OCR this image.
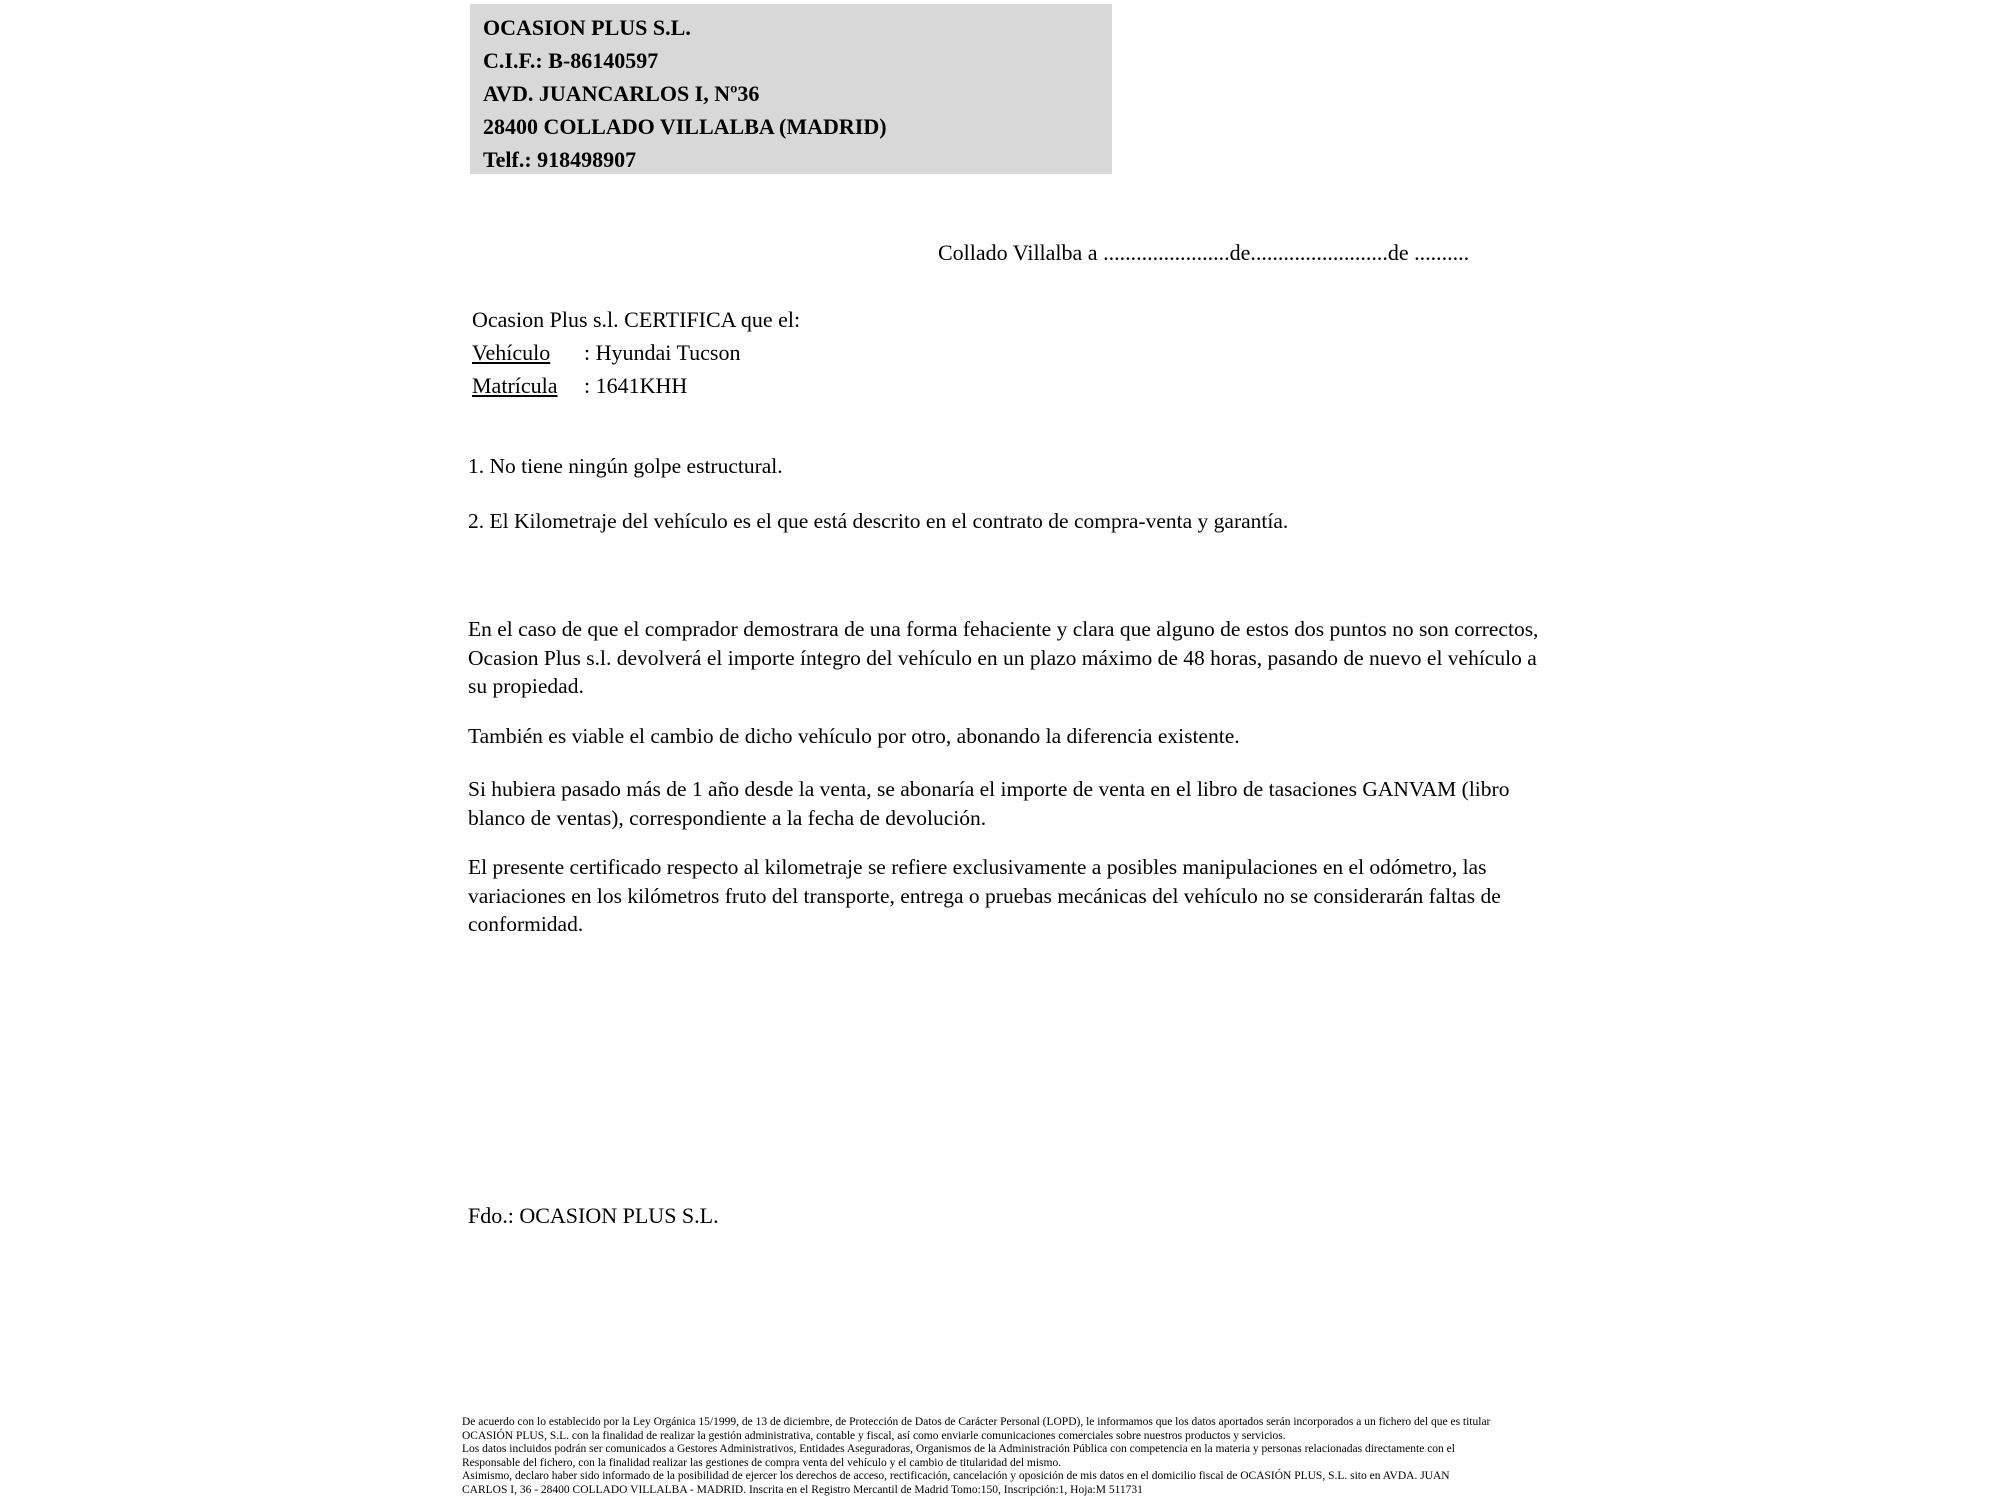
OCASION PLUS S.L.
C.I.F.: B-86140597
AVD. JUANCARLOS I, Nº36
28400 COLLADO VILLALBA (MADRID)
Telf.: 918498907
Collado Villalba a .......................de.........................de ..........
Ocasion Plus s.l. CERTIFICA que el:
Vehículo : Hyundai Tucson
Matrícula : 1641KHH
1. No tiene ningún golpe estructural.
2. El Kilometraje del vehículo es el que está descrito en el contrato de compra-venta y garantía.
En el caso de que el comprador demostrara de una forma fehaciente y clara que alguno de estos dos puntos no son correctos, Ocasion Plus s.l. devolverá el importe íntegro del vehículo en un plazo máximo de 48 horas, pasando de nuevo el vehículo a su propiedad.
También es viable el cambio de dicho vehículo por otro, abonando la diferencia existente.
Si hubiera pasado más de 1 año desde la venta, se abonaría el importe de venta en el libro de tasaciones GANVAM (libro blanco de ventas), correspondiente a la fecha de devolución.
El presente certificado respecto al kilometraje se refiere exclusivamente a posibles manipulaciones en el odómetro, las variaciones en los kilómetros fruto del transporte, entrega o pruebas mecánicas del vehículo no se considerarán faltas de conformidad.
Fdo.: OCASION PLUS S.L.
De acuerdo con lo establecido por la Ley Orgánica 15/1999, de 13 de diciembre, de Protección de Datos de Carácter Personal (LOPD), le informamos que los datos aportados serán incorporados a un fichero del que es titular
OCASIÓN PLUS, S.L. con la finalidad de realizar la gestión administrativa, contable y fiscal, así como enviarle comunicaciones comerciales sobre nuestros productos y servicios.
Los datos incluidos podrán ser comunicados a Gestores Administrativos, Entidades Aseguradoras, Organismos de la Administración Pública con competencia en la materia y personas relacionadas directamente con el
Responsable del fichero, con la finalidad realizar las gestiones de compra venta del vehículo y el cambio de titularidad del mismo.
Asimismo, declaro haber sido informado de la posibilidad de ejercer los derechos de acceso, rectificación, cancelación y oposición de mis datos en el domicilio fiscal de OCASIÓN PLUS, S.L. sito en AVDA. JUAN
CARLOS I, 36 - 28400 COLLADO VILLALBA - MADRID. Inscrita en el Registro Mercantil de Madrid Tomo:150, Inscripción:1, Hoja:M 511731
